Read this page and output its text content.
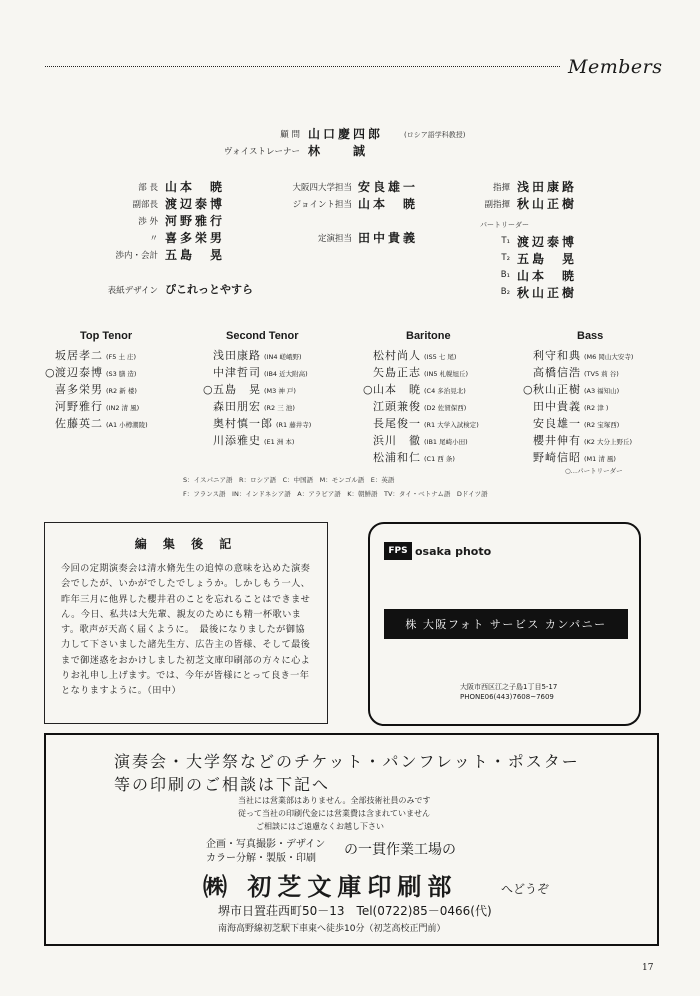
Members
顧 問 山口慶四郎	(ロシア語学科教授)
ヴォイストレーナー 林　　誠
部 長 山本　暁
副部長 渡辺泰博
渉 外 河野雅行
〃 喜多栄男
渉内・会計 五島　晃
大阪四大学担当 安良雄一
ジョイント担当 山本　暁
定演担当 田中貴義
指揮 浅田康路
副指揮 秋山正樹
パートリーダー
T₁ 渡辺泰博
T₂ 五島　晃
B₁ 山本　暁
B₂ 秋山正樹
表紙デザイン ぴこれっとやすら
Top Tenor
坂居孝二 (F5 土 庄)
○渡辺泰博 (S3 膳 造)
喜多栄男 (R2 新 楼)
河野雅行 (IN2 清 風)
佐藤英二 (A1 小樽潮陵)
Second Tenor
浅田康路 (IN4 嵯峨野)
中津哲司 (IB4 近大附高)
○五島　晃 (M3 神 戸)
森田朋宏 (R2 三 池)
奥村慎一郎 (R1 藤井寺)
川添雅史 (E1 洲 本)
Baritone
松村尚人 (IS5 七 尾)
矢島正志 (IN5 札幌旭丘)
○山本　暁 (C4 多治見北)
江頭兼俊 (D2 佐賀保西)
長尾俊一 (R1 大学入試検定)
浜川　徹 (IB1 尾崎小田)
松浦和仁 (C1 西 条)
Bass
利守和典 (M6 岡山大安寺)
高橋信浩 (TV5 荊 谷)
○秋山正樹 (A3 福知山)
田中貴義 (R2 津 )
安良雄一 (R2 宝塚西)
櫻井伸有 (K2 大分上野丘)
野崎信昭 (M1 清 風)
○…パートリーダー
S：イスパニア語　R：ロシア語　C：中国語　M：モンゴル語　E：英語
F：フランス語　IN：インドネシア語　A：アラビア語　K：朝鮮語　TV：タイ・ベトナム語　Dドイツ語
編 集 後 記

今回の定期演奏会は清水脩先生の追悼の意味を込めた演奏会でしたが、いかがでしたでしょうか。しかしもう一人、昨年三月に他界した櫻井君のことを忘れることはできません。今日、私共は大先輩、親友のためにも精一杯歌います。歌声が天高く届くように。　最後になりましたが御協力して下さいました諸先生方、広告主の皆様、そして最後まで御迷惑をおかけしました初芝文庫印刷部の方々に心よりお礼申し上げます。では、今年が皆様にとって良き一年となりますように。（田中）

FPS osaka photo
株 大阪フォト サービス カンパニー
大阪市西区江之子島1丁目5-17
PHONE06(443)7608~7609
演奏会・大学祭などのチケット・パンフレット・ポスター
等の印刷のご相談は下記へ
当社には営業部はありません。全部技術社員のみです
従って当社の印刷代金には営業費は含まれていません
ご相談にはご遠慮なくお越し下さい
企画・写真撮影・デザイン
カラー分解・製版・印刷
の一貫作業工場の
㈱ 初芝文庫印刷部	へどうぞ
堺市日置荘西町50－13　Tel(0722)85－0466(代)
南海高野線初芝駅下車東へ徒歩10分（初芝高校正門前）
17
